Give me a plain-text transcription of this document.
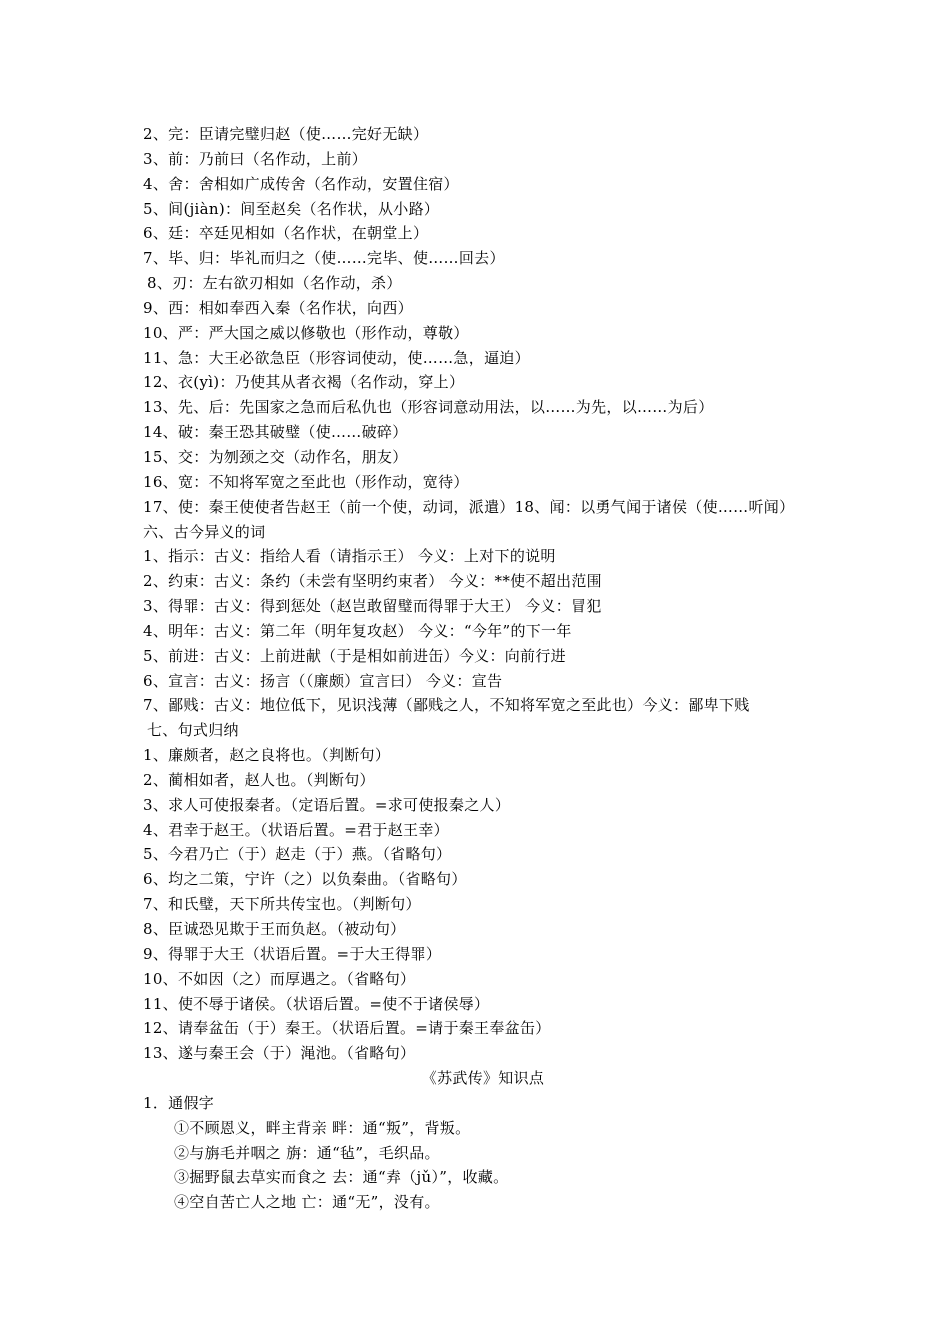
2、完：臣请完璧归赵（使……完好无缺）
3、前：乃前曰（名作动，上前）
4、舍：舍相如广成传舍（名作动，安置住宿）
5、间(jiàn)：间至赵矣（名作状，从小路）
6、廷：卒廷见相如（名作状，在朝堂上）
7、毕、归：毕礼而归之（使……完毕、使……回去）
8、刃：左右欲刃相如（名作动，杀）
9、西：相如奉西入秦（名作状，向西）
10、严：严大国之威以修敬也（形作动，尊敬）
11、急：大王必欲急臣（形容词使动，使……急，逼迫）
12、衣(yì)：乃使其从者衣褐（名作动，穿上）
13、先、后：先国家之急而后私仇也（形容词意动用法，以……为先，以……为后）
14、破：秦王恐其破璧（使……破碎）
15、交：为刎颈之交（动作名，朋友）
16、宽：不知将军宽之至此也（形作动，宽待）
17、使：秦王使使者告赵王（前一个使，动词，派遣）18、闻：以勇气闻于诸侯（使……听闻）
六、古今异义的词
1、指示：古义：指给人看（请指示王） 今义：上对下的说明
2、约束：古义：条约（未尝有坚明约束者） 今义：**使不超出范围
3、得罪：古义：得到惩处（赵岂敢留璧而得罪于大王） 今义：冒犯
4、明年：古义：第二年（明年复攻赵） 今义：“今年”的下一年
5、前进：古义：上前进献（于是相如前进缶）今义：向前行进
6、宣言：古义：扬言（（廉颇）宣言曰） 今义：宣告
7、鄙贱：古义：地位低下，见识浅薄（鄙贱之人，不知将军宽之至此也）今义：鄙卑下贱
七、句式归纳
1、廉颇者，赵之良将也。（判断句）
2、蔺相如者，赵人也。（判断句）
3、求人可使报秦者。（定语后置。=求可使报秦之人）
4、君幸于赵王。（状语后置。=君于赵王幸）
5、今君乃亡（于）赵走（于）燕。（省略句）
6、均之二策，宁许（之）以负秦曲。（省略句）
7、和氏璧，天下所共传宝也。（判断句）
8、臣诚恐见欺于王而负赵。（被动句）
9、得罪于大王（状语后置。=于大王得罪）
10、不如因（之）而厚遇之。（省略句）
11、使不辱于诸侯。（状语后置。=使不于诸侯辱）
12、请奉盆缶（于）秦王。（状语后置。=请于秦王奉盆缶）
13、遂与秦王会（于）渑池。（省略句）
《苏武传》知识点
1．通假字
①不顾恩义，畔主背亲 畔：通“叛”，背叛。
②与旃毛并咽之 旃：通“毡”，毛织品。
③掘野鼠去草实而食之 去：通“弆（jǔ）”，收藏。
④空自苦亡人之地 亡：通“无”，没有。
